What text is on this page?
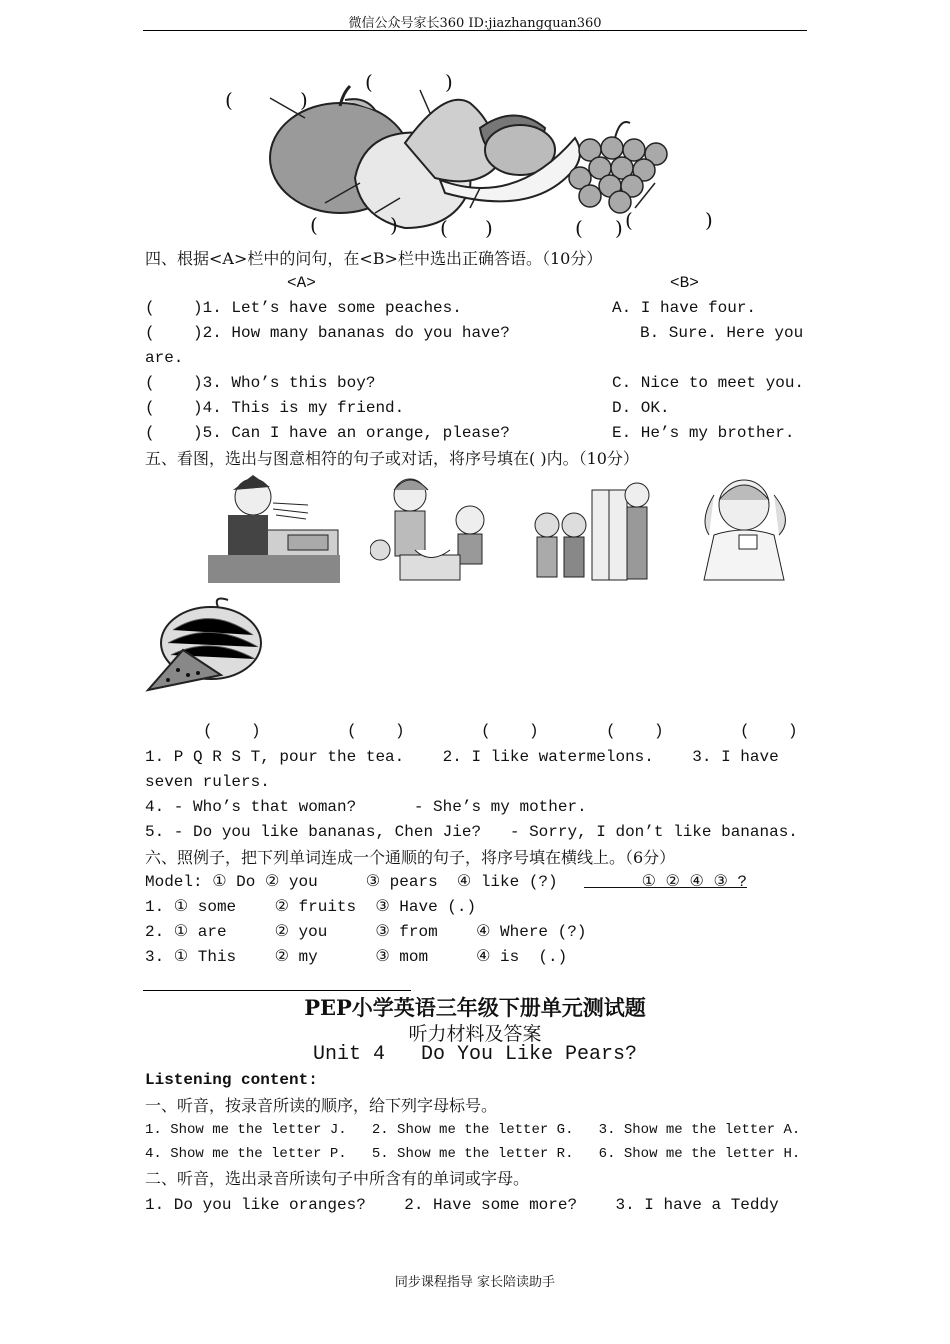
微信公众号家长360 ID:jiazhangquan360
(	)
(	)
(	) ( )	( ) (	)
四、根据<A>栏中的问句，在<B>栏中选出正确答语。（10分）
<A>	<B>
(    )1. Let’s have some peaches.	A. I have four.
(    )2. How many bananas do you have?	B. Sure. Here you
are.
(    )3. Who’s this boy?	C. Nice to meet you.
(    )4. This is my friend.	D. OK.
(    )5. Can I have an orange, please?	E. He’s my brother.
五、看图，选出与图意相符的句子或对话，将序号填在( )内。（10分）
(    )	(    )	(    )	(    )	(    )
1. P Q R S T, pour the tea.    2. I like watermelons.    3. I have
seven rulers.
4. - Who’s that woman?      - She’s my mother.
5. - Do you like bananas, Chen Jie?   - Sorry, I don’t like bananas.
六、照例子，把下列单词连成一个通顺的句子，将序号填在横线上。（6分）
Model: ① Do ② you     ③ pears  ④ like (?) ① ② ④ ③ ?
1. ① some    ② fruits  ③ Have (.)
2. ① are     ② you     ③ from    ④ Where (?)
3. ① This    ② my      ③ mom     ④ is  (.)
PEP小学英语三年级下册单元测试题
听力材料及答案
Unit 4   Do You Like Pears?
Listening content:
一、听音，按录音所读的顺序，给下列字母标号。
1. Show me the letter J.   2. Show me the letter G.   3. Show me the letter A.
4. Show me the letter P.   5. Show me the letter R.   6. Show me the letter H.
二、听音，选出录音所读句子中所含有的单词或字母。
1. Do you like oranges?    2. Have some more?    3. I have a Teddy
同步课程指导 家长陪读助手
